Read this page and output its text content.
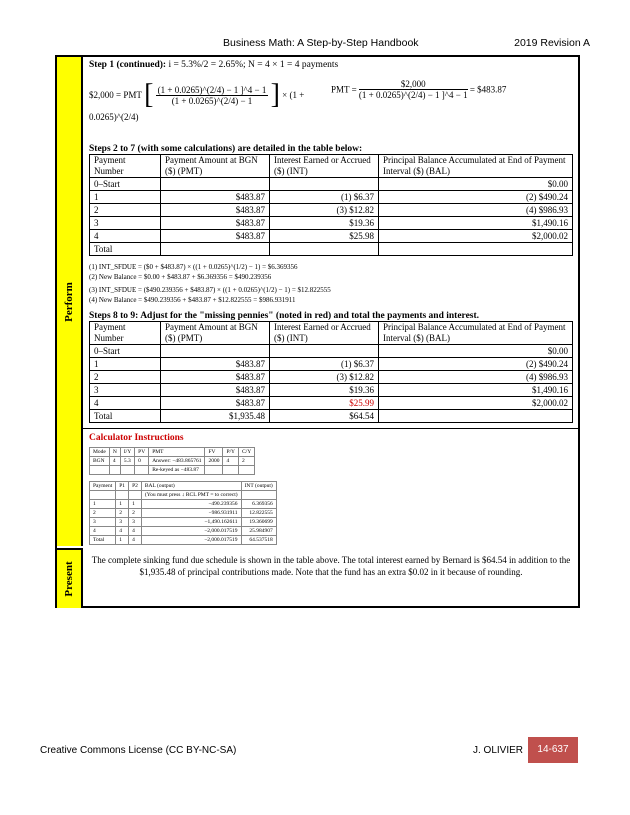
Business Math: A Step-by-Step Handbook	2019 Revision A
Perform
Present
Step 1 (continued): i = 5.3%/2 = 2.65%; N = 4 × 1 = 4 payments
$2,000 = PMT [ $\frac{(1 + 0.0265)\^{}(2/4) - 1 ]\^{}4 - 1}{(1 + 0.0265)\^{}(2/4) - 1}$ ] × (1 + 0.0265)^(2/4)
PMT = $\frac{\$2,000}{(1 + 0.0265)\^{}(2/4) - 1 ]\^{}4 - 1}$ = $483.87
Steps 2 to 7 (with some calculations) are detailed in the table below:
Payment Number	Payment Amount at BGN ($) (PMT)	Interest Earned or Accrued ($) (INT)	Principal Balance Accumulated at End of Payment Interval ($) (BAL)
0–Start			$0.00
1	$483.87	(1) $6.37	(2) $490.24
2	$483.87	(3) $12.82	(4) $986.93
3	$483.87	$19.36	$1,490.16
4	$483.87	$25.98	$2,000.02
Total			
(1) INT_SFDUE = ($0 + $483.87) × ((1 + 0.0265)^(1/2) − 1) = $6.369356
(2) New Balance = $0.00 + $483.87 + $6.369356 = $490.239356
(3) INT_SFDUE = ($490.239356 + $483.87) × ((1 + 0.0265)^(1/2) − 1) = $12.822555
(4) New Balance = $490.239356 + $483.87 + $12.822555 = $986.931911
Steps 8 to 9: Adjust for the "missing pennies" (noted in red) and total the payments and interest.
Payment Number	Payment Amount at BGN ($) (PMT)	Interest Earned or Accrued ($) (INT)	Principal Balance Accumulated at End of Payment Interval ($) (BAL)
0–Start			$0.00
1	$483.87	(1) $6.37	(2) $490.24
2	$483.87	(3) $12.82	(4) $986.93
3	$483.87	$19.36	$1,490.16
4	$483.87	$25.99	$2,000.02
Total	$1,935.48	$64.54	
Calculator Instructions
Mode	N	I/Y	PV	PMT	FV	P/Y	C/Y
BGN	4	5.3	0	Answer: −483.865761	2000	4	2
				Re-keyed as −483.87			
Payment	P1	P2	BAL (output)	INT (output)
			(You must press ↓ RCL PMT = to correct)	
1	1	1	−490.239356	6.369356
2	2	2	−986.931911	12.822555
3	3	3	−1,490.162611	19.360699
4	4	4	−2,000.017519	25.984907
Total	1	4	−2,000.017519	64.537518
The complete sinking fund due schedule is shown in the table above. The total interest earned by Bernard is $64.54 in addition to the $1,935.48 of principal contributions made. Note that the fund has an extra $0.02 in it because of rounding.
Creative Commons License (CC BY-NC-SA)	J. OLIVIER	14-637
